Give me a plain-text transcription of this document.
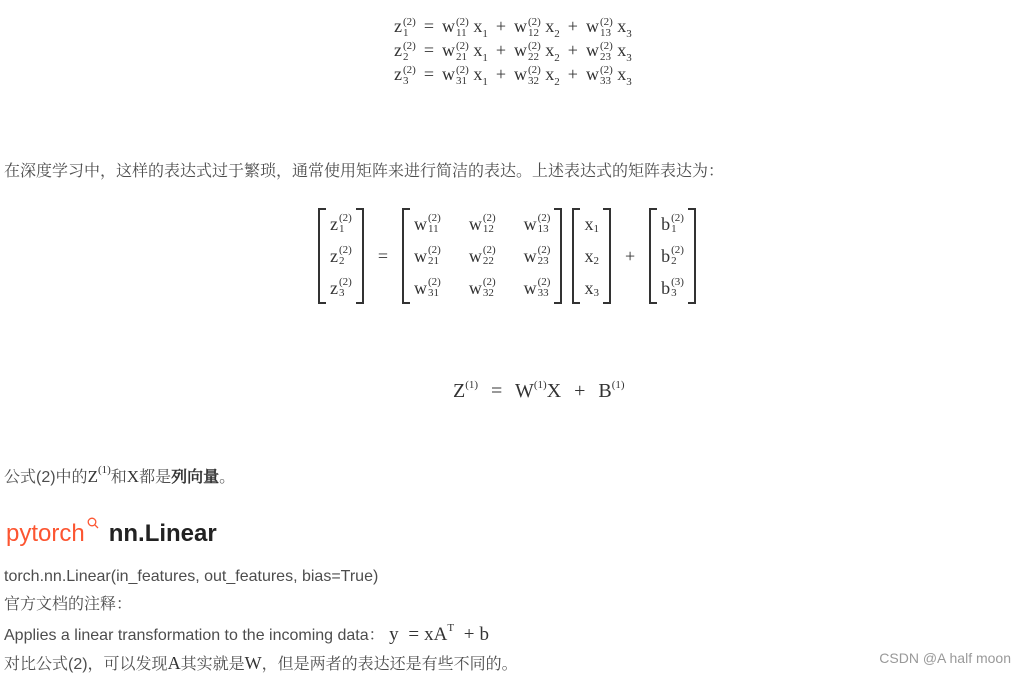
z (2)
1 = w (2)
11 $x_1 + w$ (2)
12 $x_2 + w$ (2)
13 $x_3$
z (2)
2 = w (2)
21 $x_1 + w$ (2)
22 $x_2 + w$ (2)
23 $x_3$
z (2)
3 = w (2)
31 $x_1 + w$ (2)
32 $x_2 + w$ (2)
33 $x_3$
在深度学习中，这样的表达式过于繁琐，通常使用矩阵来进行简洁的表达。上述表达式的矩阵表达为：
z (2)
1
z (2)
2
z (2)
3
=
w (2)
11 w (2)
12 w (2)
13
w (2)
21 w (2)
22 w (2)
23
w (2)
31 w (2)
32 w (2)
33
x 1
x 2
x 3
+
b (2)
1
b (2)
2
b (3)
3
$Z^{(1)} = W^{(1)}X + B^{(1)}$
公式(2)中的$Z^{(1)}$和X都是列向量。
pytorch nn.Linear
torch.nn.Linear(in_features, out_features, bias=True)
官方文档的注释：
Applies a linear transformation to the incoming data： $y = xA^T + b$
对比公式(2)，可以发现A其实就是W，但是两者的表达还是有些不同的。	CSDN @A half moon
